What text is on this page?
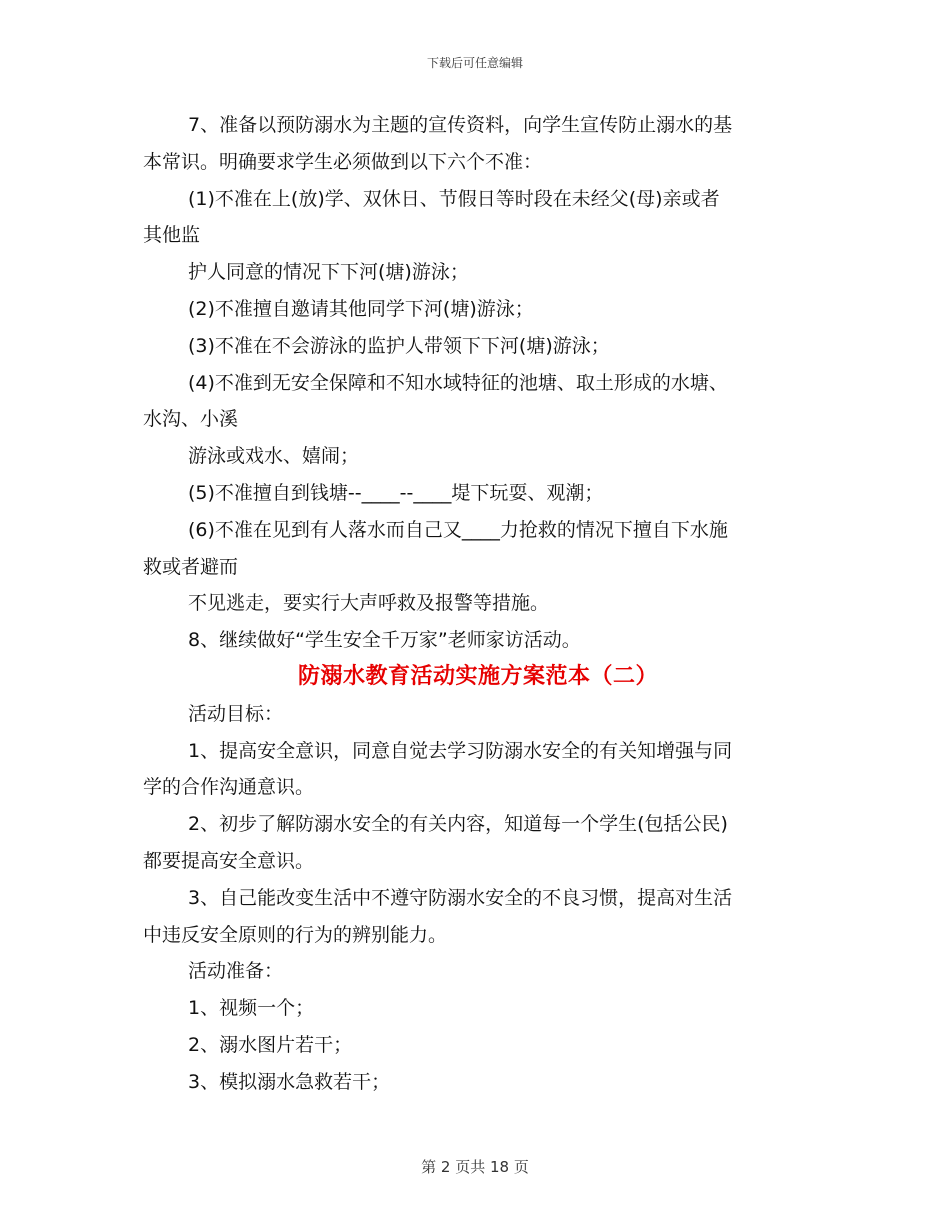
下载后可任意编辑
7、准备以预防溺水为主题的宣传资料，向学生宣传防止溺水的基
本常识。明确要求学生必须做到以下六个不准：
(1)不准在上(放)学、双休日、节假日等时段在未经父(母)亲或者
其他监
护人同意的情况下下河(塘)游泳；
(2)不准擅自邀请其他同学下河(塘)游泳；
(3)不准在不会游泳的监护人带领下下河(塘)游泳；
(4)不准到无安全保障和不知水域特征的池塘、取土形成的水塘、
水沟、小溪
游泳或戏水、嬉闹；
(5)不准擅自到钱塘--____--____堤下玩耍、观潮；
(6)不准在见到有人落水而自己又____力抢救的情况下擅自下水施
救或者避而
不见逃走，要实行大声呼救及报警等措施。
8、继续做好“学生安全千万家”老师家访活动。
防溺水教育活动实施方案范本（二）
活动目标：
1、提高安全意识，同意自觉去学习防溺水安全的有关知增强与同
学的合作沟通意识。
2、初步了解防溺水安全的有关内容，知道每一个学生(包括公民)
都要提高安全意识。
3、自己能改变生活中不遵守防溺水安全的不良习惯，提高对生活
中违反安全原则的行为的辨别能力。
活动准备：
1、视频一个；
2、溺水图片若干；
3、模拟溺水急救若干；
第 2 页共 18 页
